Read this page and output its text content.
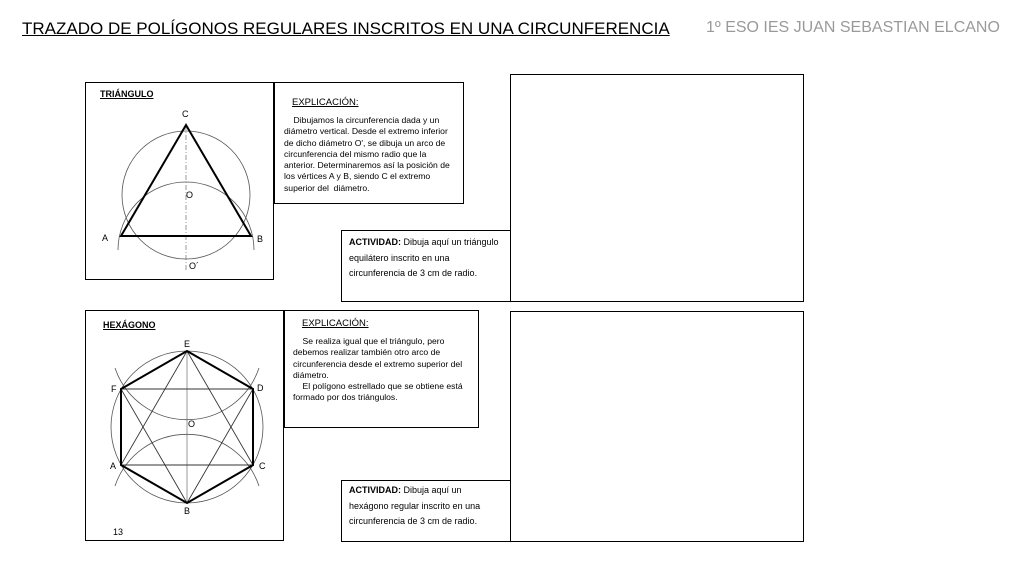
TRAZADO DE POLÍGONOS REGULARES INSCRITOS EN UNA CIRCUNFERENCIA 1º ESO IES JUAN SEBASTIAN ELCANO
TRIÁNGULO
C
O
A	B
O´
EXPLICACIÓN:
Dibujamos la circunferencia dada y un
diámetro vertical. Desde el extremo inferior
de dicho diámetro O', se dibuja un arco de
circunferencia del mismo radio que la
anterior. Determinaremos así la posición de
los vértices A y B, siendo C el extremo
superior del  diámetro.
ACTIVIDAD: Dibuja aquí un triángulo
equilátero inscrito en una
circunferencia de 3 cm de radio.
HEXÁGONO
E
F	D
O
A	C
B
EXPLICACIÓN:
Se realiza igual que el triángulo, pero
debemos realizar también otro arco de
circunferencia desde el extremo superior del
diámetro.
El polígono estrellado que se obtiene está
formado por dos triángulos.
ACTIVIDAD: Dibuja aquí un
hexágono regular inscrito en una
circunferencia de 3 cm de radio.
13
